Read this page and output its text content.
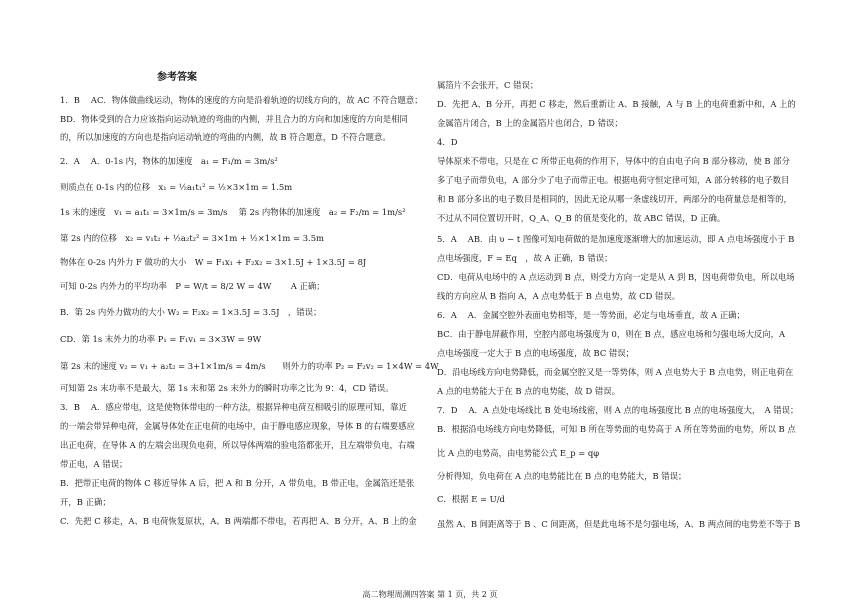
参考答案
1．B　 AC．物体做曲线运动，物体的速度的方向是沿着轨迹的切线方向的，故 AC 不符合题意；
BD．物体受到的合力应该指向运动轨迹的弯曲的内侧，并且合力的方向和加速度的方向是相同
的，所以加速度的方向也是指向运动轨迹的弯曲的内侧，故 B 符合题意，D 不符合题意。
2．A　 A．0-1s 内，物体的加速度　a₁ = F₁/m = 3m/s²
则质点在 0-1s 内的位移　x₁ = ½a₁t₁² = ½×3×1m = 1.5m
1s 末的速度　v₁ = a₁t₁ = 3×1m/s = 3m/s　 第 2s 内物体的加速度　a₂ = F₂/m = 1m/s²
第 2s 内的位移　x₂ = v₁t₂ + ½a₂t₂² = 3×1m + ½×1×1m = 3.5m
物体在 0-2s 内外力 F 做功的大小　W = F₁x₁ + F₂x₂ = 3×1.5J + 1×3.5J = 8J
可知 0-2s 内外力的平均功率　P = W/t = 8/2 W = 4W　　 A 正确；
B．第 2s 内外力做功的大小 W₂ = F₂x₂ = 1×3.5J = 3.5J　，错误；
CD．第 1s 末外力的功率 P₁ = F₁v₁ = 3×3W = 9W
第 2s 末的速度 v₂ = v₁ + a₂t₂ = 3+1×1m/s = 4m/s　　则外力的功率 P₂ = F₂v₂ = 1×4W = 4W
可知第 2s 末功率不是最大，第 1s 末和第 2s 末外力的瞬时功率之比为 9：4，CD 错误。
3．B　 A．感应带电，这是使物体带电的一种方法，根据异种电荷互相吸引的原理可知，靠近
的一端会带异种电荷，金属导体处在正电荷的电场中，由于静电感应现象，导体 B 的右端要感应
出正电荷，在导体 A 的左端会出现负电荷，所以导体两端的验电箔都张开，且左端带负电，右端
带正电，A 错误；
B．把带正电荷的物体 C 移近导体 A 后，把 A 和 B 分开，A 带负电，B 带正电，金属箔还是张
开，B 正确；
C．先把 C 移走，A、B 电荷恢复原状，A、B 两端都不带电，若再把 A、B 分开，A、B 上的金
属箔片不会张开，C 错误；
D．先把 A、B 分开，再把 C 移走，然后重新让 A、B 接触，A 与 B 上的电荷重新中和，A 上的
金属箔片闭合，B 上的金属箔片也闭合，D 错误；
4．D
导体原来不带电，只是在 C 所带正电荷的作用下，导体中的自由电子向 B 部分移动，使 B 部分
多了电子而带负电，A 部分少了电子而带正电。根据电荷守恒定律可知，A 部分转移的电子数目
和 B 部分多出的电子数目是相同的，因此无论从哪一条虚线切开，两部分的电荷量总是相等的，
不过从不同位置切开时，Q_A、Q_B 的值是变化的，故 ABC 错误，D 正确。
5．A　 AB．由 υ − t 图像可知电荷做的是加速度逐渐增大的加速运动，即 A 点电场强度小于 B
点电场强度，F = Eq　，故 A 正确，B 错误；
CD．电荷从电场中的 A 点运动到 B 点，则受力方向一定是从 A 到 B，因电荷带负电，所以电场
线的方向应从 B 指向 A，A 点电势低于 B 点电势，故 CD 错误。
6．A　 A．金属空腔外表面电势相等，是一等势面，必定与电场垂直，故 A 正确；
BC．由于静电屏蔽作用，空腔内部电场强度为 0，则在 B 点，感应电场和匀强电场大反向，A
点电场强度一定大于 B 点的电场强度，故 BC 错误；
D．沿电场线方向电势降低，而金属空腔又是一等势体，则 A 点电势大于 B 点电势，则正电荷在
A 点的电势能大于在 B 点的电势能，故 D 错误。
7．D　 A．A 点处电场线比 B 处电场线密，则 A 点的电场强度比 B 点的电场强度大，　A 错误；
B．根据沿电场线方向电势降低，可知 B 所在等势面的电势高于 A 所在等势面的电势，所以 B 点
比 A 点的电势高，由电势能公式 E_p = qφ
分析得知，负电荷在 A 点的电势能比在 B 点的电势能大，B 错误；
C．根据 E = U/d
虽然 A、B 间距离等于 B 、C 间距离，但是此电场不是匀强电场，A、B 两点间的电势差不等于 B
高二物理周测四答案 第 1 页，共 2 页
